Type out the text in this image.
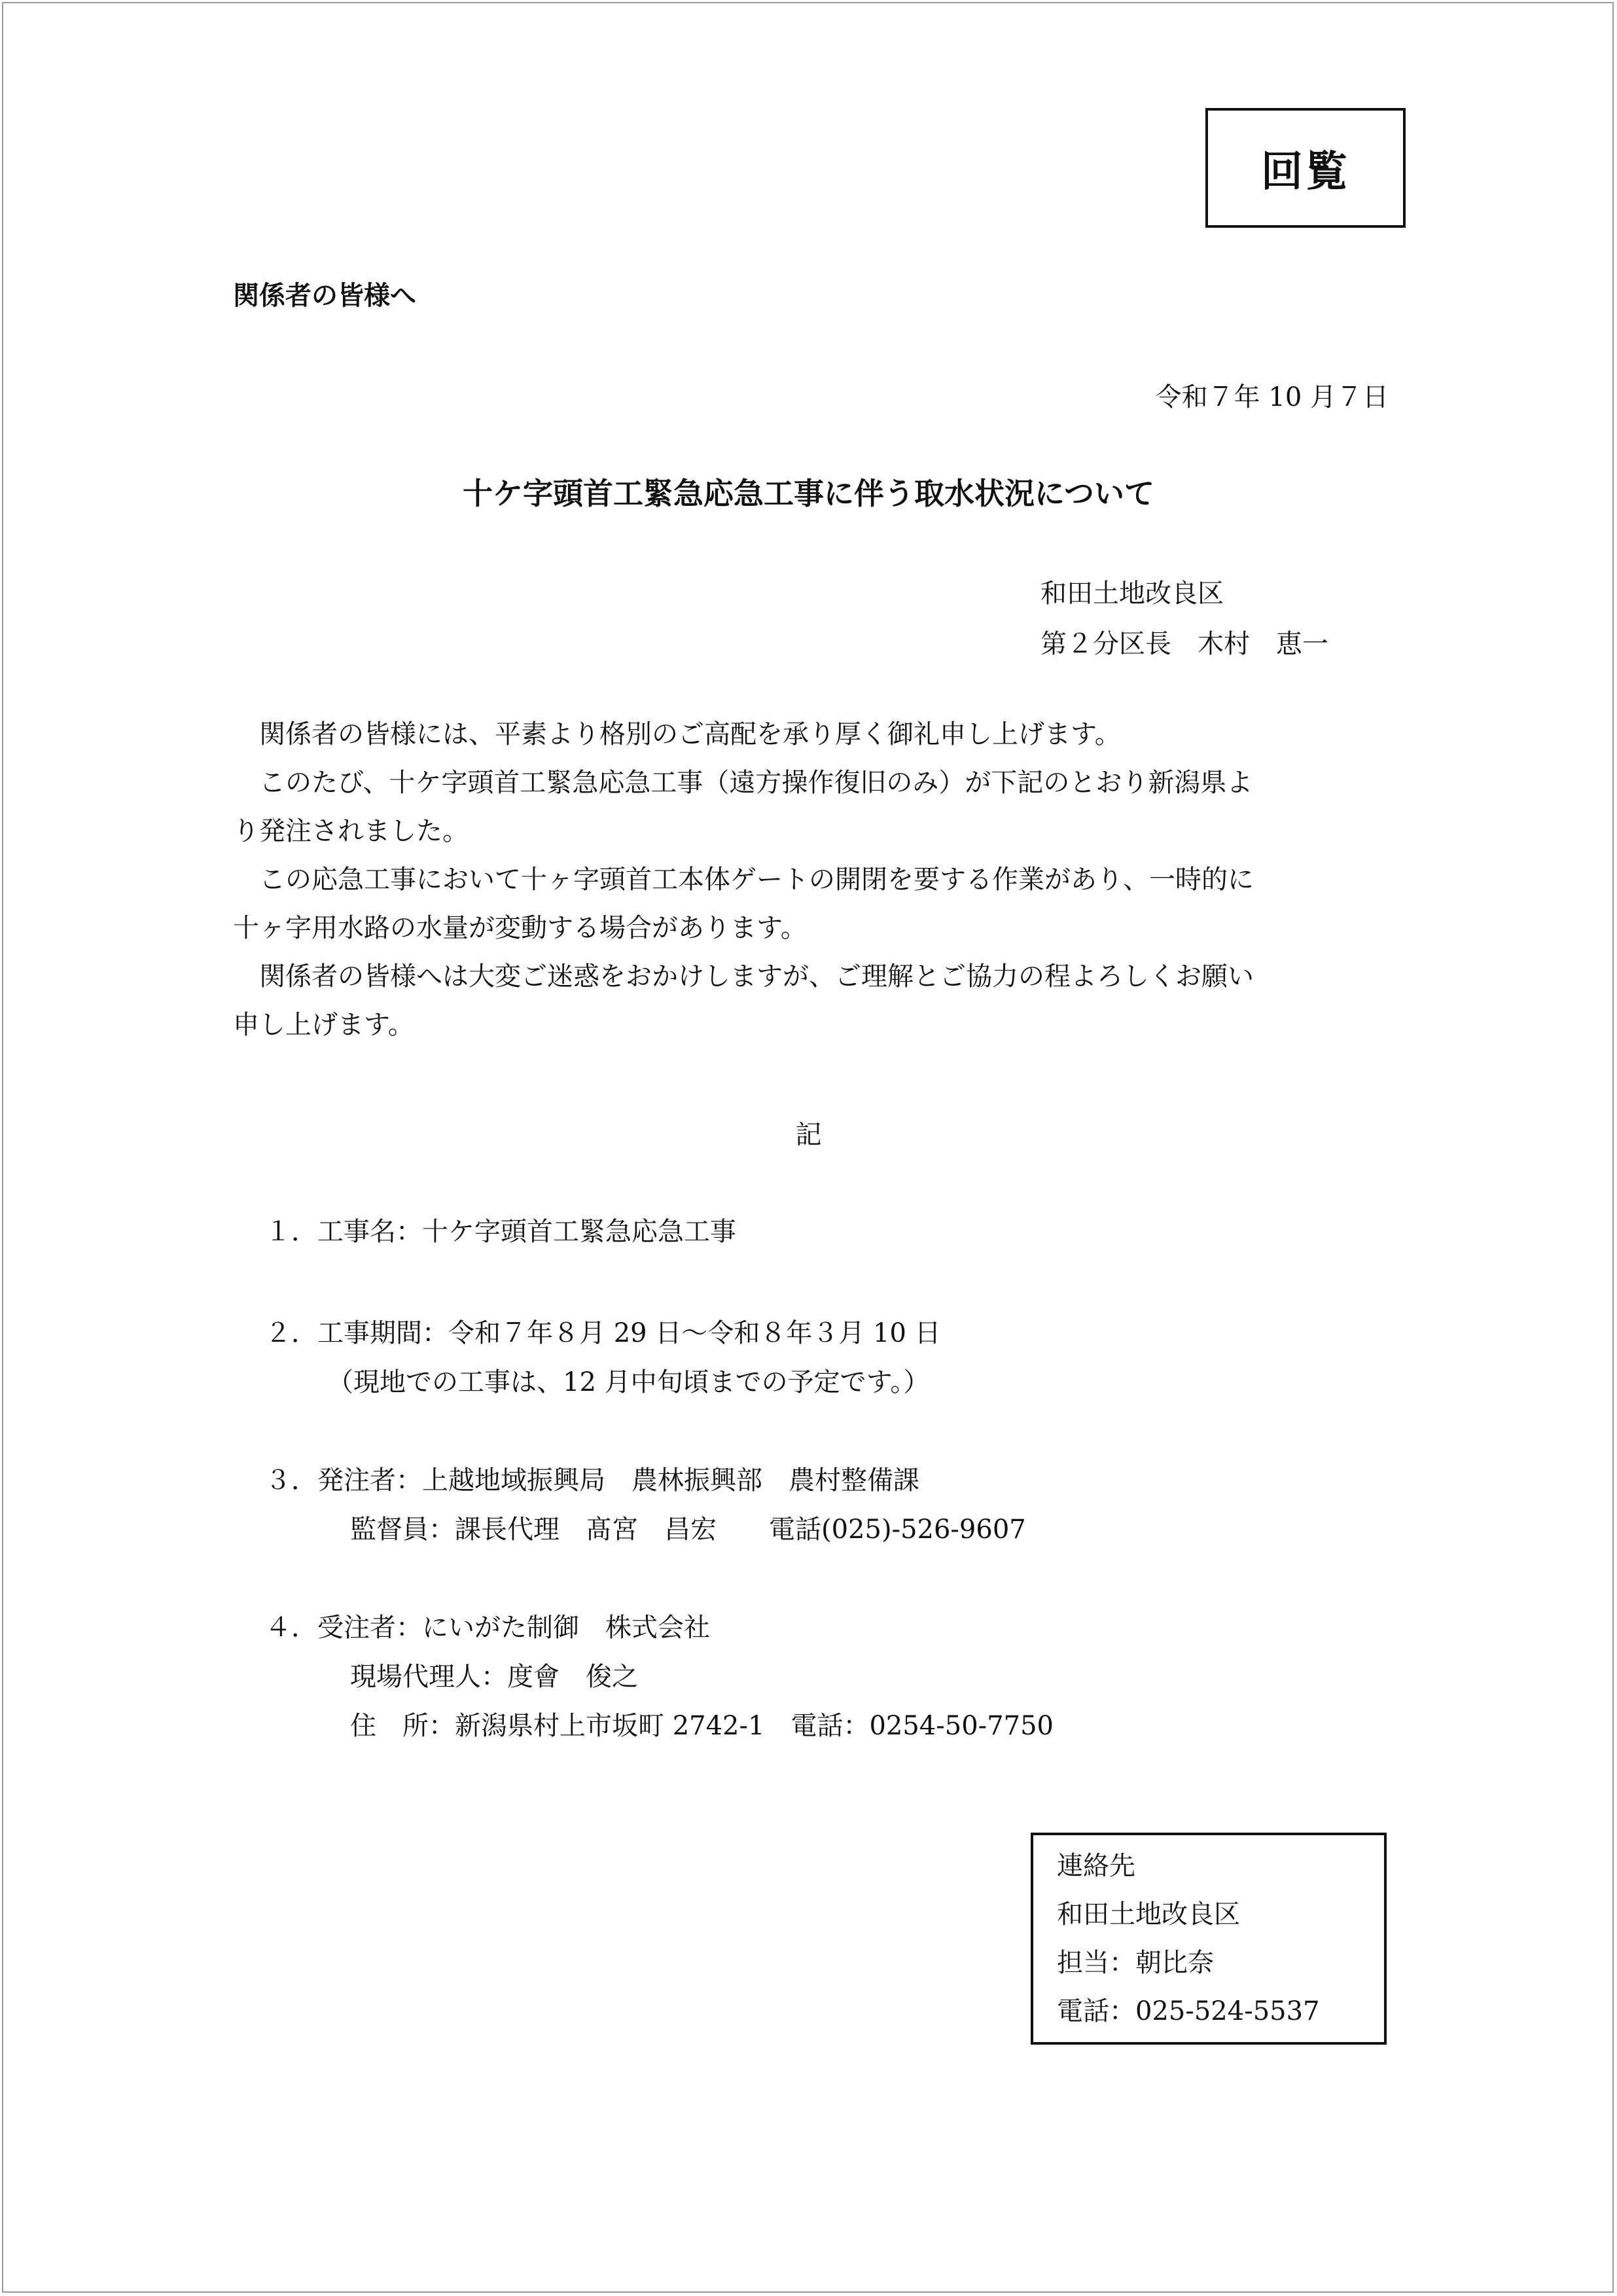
回覧
関係者の皆様へ
令和７年 10 月７日
十ケ字頭首工緊急応急工事に伴う取水状況について
和田土地改良区
第２分区長　木村　恵一
　関係者の皆様には、平素より格別のご高配を承り厚く御礼申し上げます。
　このたび、十ケ字頭首工緊急応急工事（遠方操作復旧のみ）が下記のとおり新潟県よ
り発注されました。
　この応急工事において十ヶ字頭首工本体ゲートの開閉を要する作業があり、一時的に
十ヶ字用水路の水量が変動する場合があります。
　関係者の皆様へは大変ご迷惑をおかけしますが、ご理解とご協力の程よろしくお願い
申し上げます。
記
１．工事名：十ケ字頭首工緊急応急工事
２．工事期間：令和７年８月 29 日～令和８年３月 10 日
（現地での工事は、12 月中旬頃までの予定です。）
３．発注者：上越地域振興局　農林振興部　農村整備課
監督員：課長代理　髙宮　昌宏　　電話(025)-526-9607
４．受注者：にいがた制御　株式会社
現場代理人：度會　俊之
住　所：新潟県村上市坂町 2742-1　電話：0254-50-7750
連絡先
和田土地改良区
担当：朝比奈
電話：025-524-5537
